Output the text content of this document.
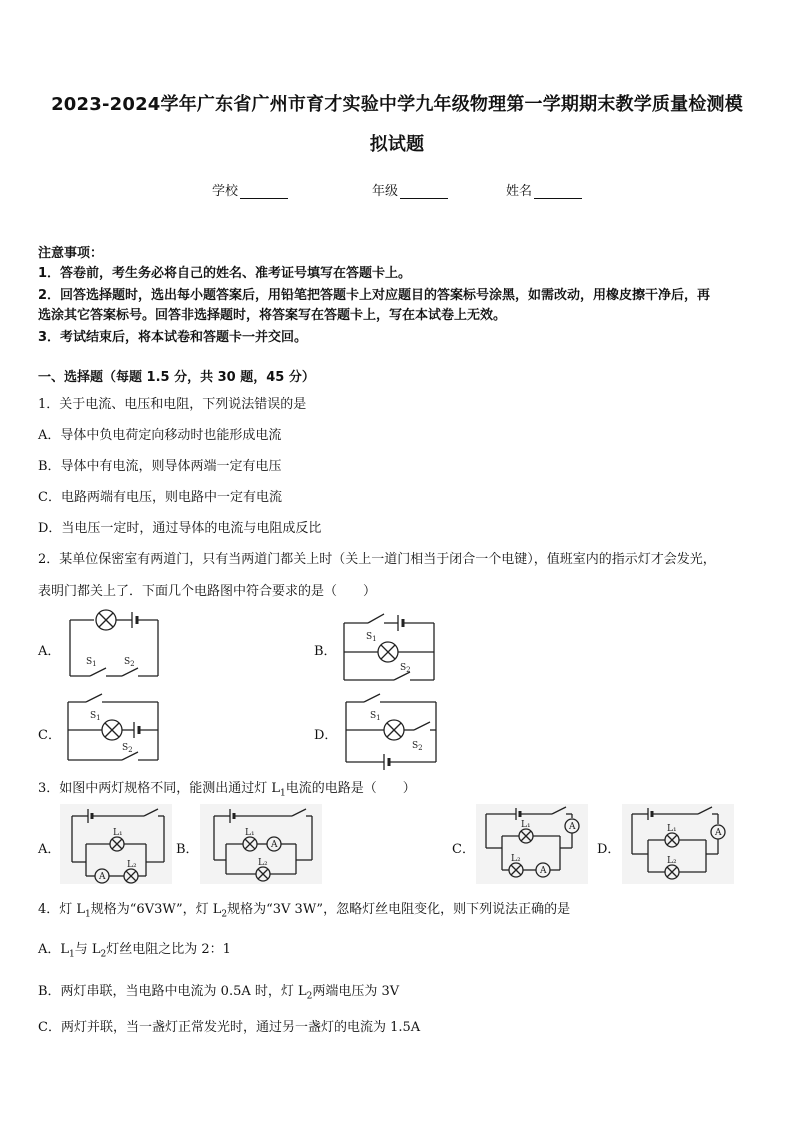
2023-2024学年广东省广州市育才实验中学九年级物理第一学期期末教学质量检测模
拟试题
学校	年级	姓名
注意事项：
1．答卷前，考生务必将自己的姓名、准考证号填写在答题卡上。
2．回答选择题时，选出每小题答案后，用铅笔把答题卡上对应题目的答案标号涂黑，如需改动，用橡皮擦干净后，再
选涂其它答案标号。回答非选择题时，将答案写在答题卡上，写在本试卷上无效。
3．考试结束后，将本试卷和答题卡一并交回。
一、选择题（每题 1.5 分，共 30 题，45 分）
1．关于电流、电压和电阻，下列说法错误的是
A．导体中负电荷定向移动时也能形成电流
B．导体中有电流，则导体两端一定有电压
C．电路两端有电压，则电路中一定有电流
D．当电压一定时，通过导体的电流与电阻成反比
2．某单位保密室有两道门，只有当两道门都关上时（关上一道门相当于闭合一个电键），值班室内的指示灯才会发光，
表明门都关上了．下面几个电路图中符合要求的是（　　）
A．	B．
C．	D．
$S_1$	$S_2$
$S_1$
$S_2$
$S_1$
$S_2$
$S_1$
$S_2$
3．如图中两灯规格不同，能测出通过灯 $L_1$电流的电路是（　　）
A．	B．	C．	D．
L₁
L₂
A
L₁
L₂
A
L₁
L₂
A
A
L₁
L₂
A
4．灯 $L_1$规格为“6V3W”，灯 $L_2$规格为“3V 3W”，忽略灯丝电阻变化，则下列说法正确的是
A．$L_1$与 $L_2$灯丝电阻之比为 2：1
B．两灯串联，当电路中电流为 0.5A 时，灯 $L_2$两端电压为 3V
C．两灯并联，当一盏灯正常发光时，通过另一盏灯的电流为 1.5A
